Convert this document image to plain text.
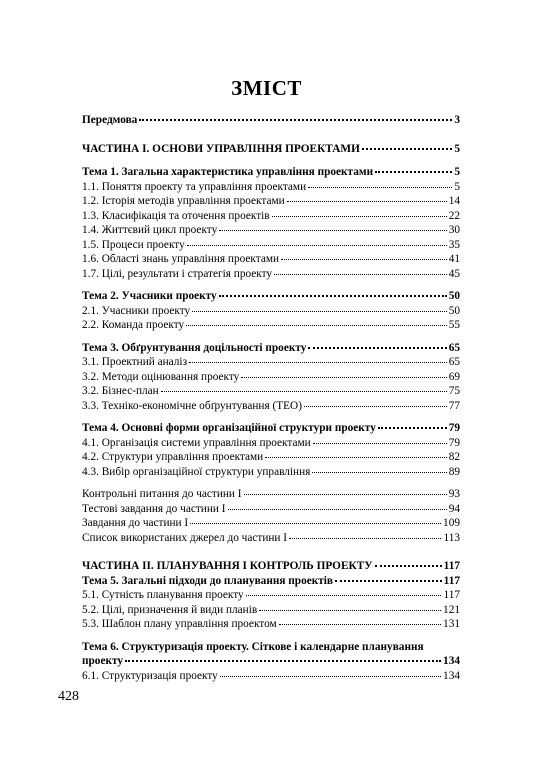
ЗМІСТ
Передмова	3
ЧАСТИНА І. ОСНОВИ УПРАВЛІННЯ ПРОЕКТАМИ	5
Тема 1. Загальна характеристика управління проектами	5
1.1. Поняття проекту та управління проектами	5
1.2. Історія методів управління проектами	14
1.3. Класифікація та оточення проектів	22
1.4. Життєвий цикл проекту	30
1.5. Процеси проекту	35
1.6. Області знань управління проектами	41
1.7. Цілі, результати і стратегія проекту	45
Тема 2. Учасники проекту	50
2.1. Учасники проекту	50
2.2. Команда проекту	55
Тема 3. Обґрунтування доцільності проекту	65
3.1. Проектний аналіз	65
3.2. Методи оцінювання проекту	69
3.2. Бізнес-план	75
3.3. Техніко-економічне обґрунтування (ТЕО)	77
Тема 4. Основні форми організаційної структури проекту	79
4.1. Організація системи управління проектами	79
4.2. Структури управління проектами	82
4.3. Вибір організаційної структури управління	89
Контрольні питання до частини І	93
Тестові завдання до частини І	94
Завдання до частини І	109
Список використаних джерел до частини І	113
ЧАСТИНА ІІ. ПЛАНУВАННЯ І КОНТРОЛЬ ПРОЕКТУ	117
Тема 5. Загальні підходи до планування проектів	117
5.1. Сутність планування проекту	117
5.2. Цілі, призначення й види планів	121
5.3. Шаблон плану управління проектом	131
Тема 6. Структуризація проекту. Сіткове і календарне планування
проекту	134
6.1. Структуризація проекту	134
428
